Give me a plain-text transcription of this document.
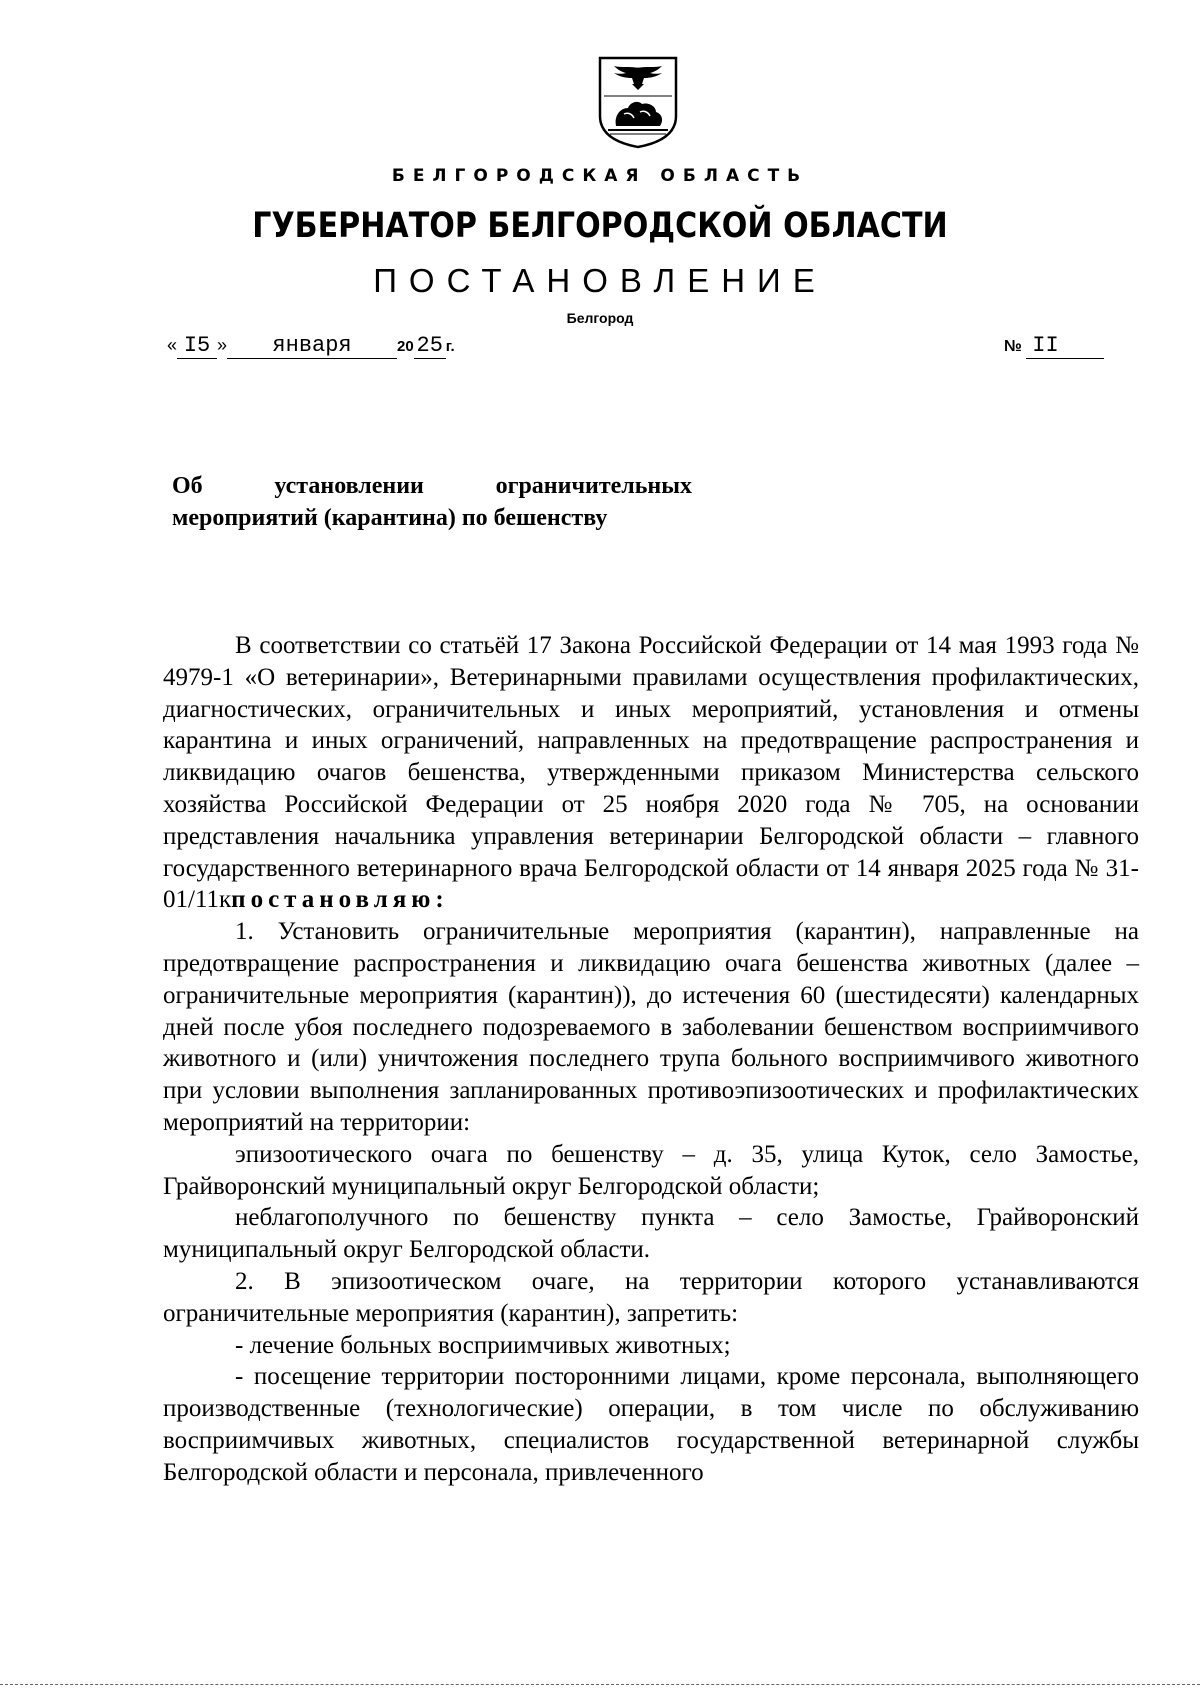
БЕЛГОРОДСКАЯ ОБЛАСТЬ
ГУБЕРНАТОР БЕЛГОРОДСКОЙ ОБЛАСТИ
ПОСТАНОВЛЕНИЕ
Белгород
« I5 » января	20 25 г.	№ II
Об установлении ограничительных
мероприятий (карантина) по бешенству

В соответствии со статьёй 17 Закона Российской Федерации от 14 мая 1993 года № 4979-1 «О ветеринарии», Ветеринарными правилами осуществления профилактических, диагностических, ограничительных и иных мероприятий, установления и отмены карантина и иных ограничений, направленных на предотвращение распространения и ликвидацию очагов бешенства, утвержденными приказом Министерства сельского хозяйства Российской Федерации от 25 ноября 2020 года № 705, на основании представления начальника управления ветеринарии Белгородской области – главного государственного ветеринарного врача Белгородской области от 14 января 2025 года № 31-01/11кпостановляю:

1. Установить ограничительные мероприятия (карантин), направленные на предотвращение распространения и ликвидацию очага бешенства животных (далее – ограничительные мероприятия (карантин)), до истечения 60 (шестидесяти) календарных дней после убоя последнего подозреваемого в заболевании бешенством восприимчивого животного и (или) уничтожения последнего трупа больного восприимчивого животного при условии выполнения запланированных противоэпизоотических и профилактических мероприятий на территории:

эпизоотического очага по бешенству – д. 35, улица Куток, село Замостье, Грайворонский муниципальный округ Белгородской области;

неблагополучного по бешенству пункта – село Замостье, Грайворонский муниципальный округ Белгородской области.

2. В эпизоотическом очаге, на территории которого устанавливаются ограничительные мероприятия (карантин), запретить:

- лечение больных восприимчивых животных;

- посещение территории посторонними лицами, кроме персонала, выполняющего производственные (технологические) операции, в том числе по обслуживанию восприимчивых животных, специалистов государственной ветеринарной службы Белгородской области и персонала, привлеченного
